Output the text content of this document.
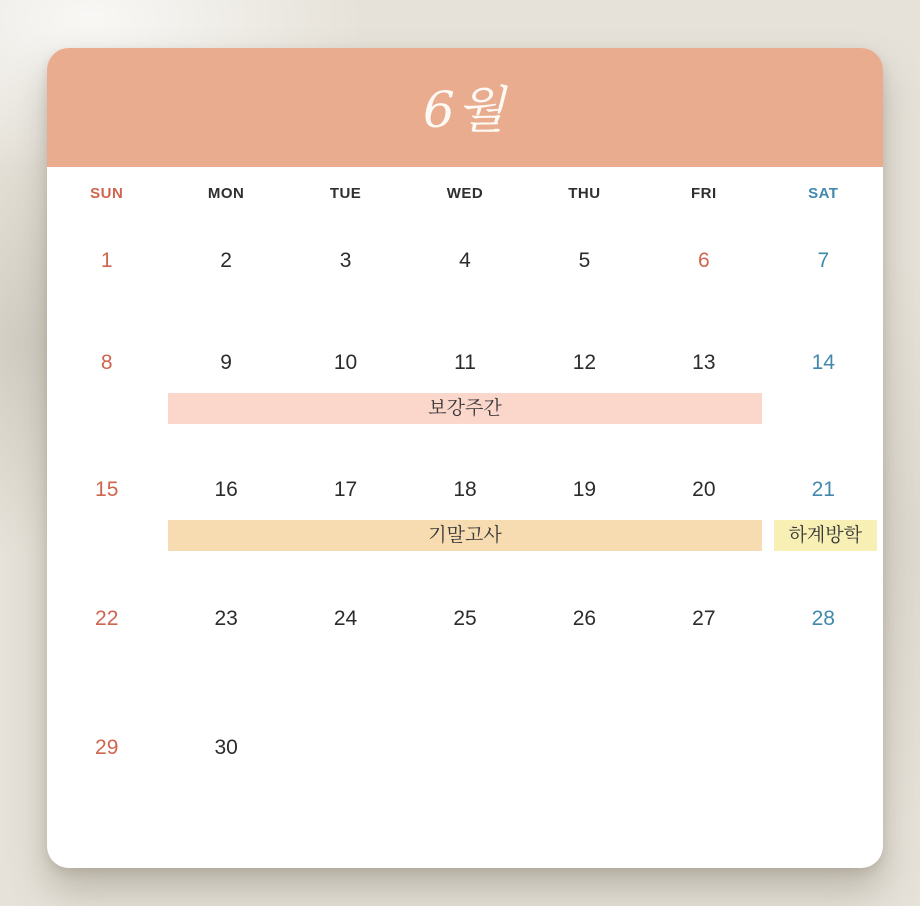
6월
SUN	MON	TUE	WED	THU	FRI	SAT
1	2	3	4	5	6	7
8	9	10	11	12	13	14
보강주간
15	16	17	18	19	20	21
기말고사	하계방학
22	23	24	25	26	27	28
29	30
